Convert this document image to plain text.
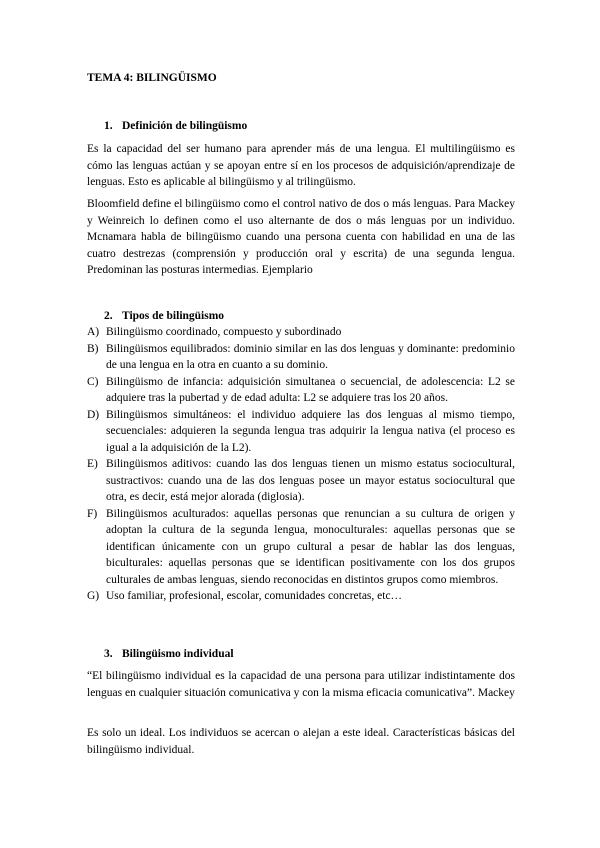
TEMA 4: BILINGÜISMO
1. Definición de bilingüismo

Es la capacidad del ser humano para aprender más de una lengua. El multilingüismo es cómo las lenguas actúan y se apoyan entre sí en los procesos de adquisición/aprendizaje de lenguas. Esto es aplicable al bilingüismo y al trilingüismo.

Bloomfield define el bilingüismo como el control nativo de dos o más lenguas. Para Mackey y Weinreich lo definen como el uso alternante de dos o más lenguas por un individuo. Mcnamara habla de bilingüismo cuando una persona cuenta con habilidad en una de las cuatro destrezas (comprensión y producción oral y escrita) de una segunda lengua. Predominan las posturas intermedias. Ejemplario

2. Tipos de bilingüismo
A) Bilingüismo coordinado, compuesto y subordinado
B) Bilingüismos equilibrados: dominio similar en las dos lenguas y dominante: predominio de una lengua en la otra en cuanto a su dominio.
C) Bilingüismo de infancia: adquisición simultanea o secuencial, de adolescencia: L2 se adquiere tras la pubertad y de edad adulta: L2 se adquiere tras los 20 años.
D) Bilingüismos simultáneos: el individuo adquiere las dos lenguas al mismo tiempo, secuenciales: adquieren la segunda lengua tras adquirir la lengua nativa (el proceso es igual a la adquisición de la L2).
E) Bilingüismos aditivos: cuando las dos lenguas tienen un mismo estatus sociocultural, sustractivos: cuando una de las dos lenguas posee un mayor estatus sociocultural que otra, es decir, está mejor alorada (diglosia).
F) Bilingüismos aculturados: aquellas personas que renuncian a su cultura de origen y adoptan la cultura de la segunda lengua, monoculturales: aquellas personas que se identifican únicamente con un grupo cultural a pesar de hablar las dos lenguas, biculturales: aquellas personas que se identifican positivamente con los dos grupos culturales de ambas lenguas, siendo reconocidas en distintos grupos como miembros.
G) Uso familiar, profesional, escolar, comunidades concretas, etc…
3. Bilingüismo individual

“El bilingüismo individual es la capacidad de una persona para utilizar indistintamente dos lenguas en cualquier situación comunicativa y con la misma eficacia comunicativa”. Mackey

Es solo un ideal. Los individuos se acercan o alejan a este ideal. Características básicas del bilingüismo individual.
